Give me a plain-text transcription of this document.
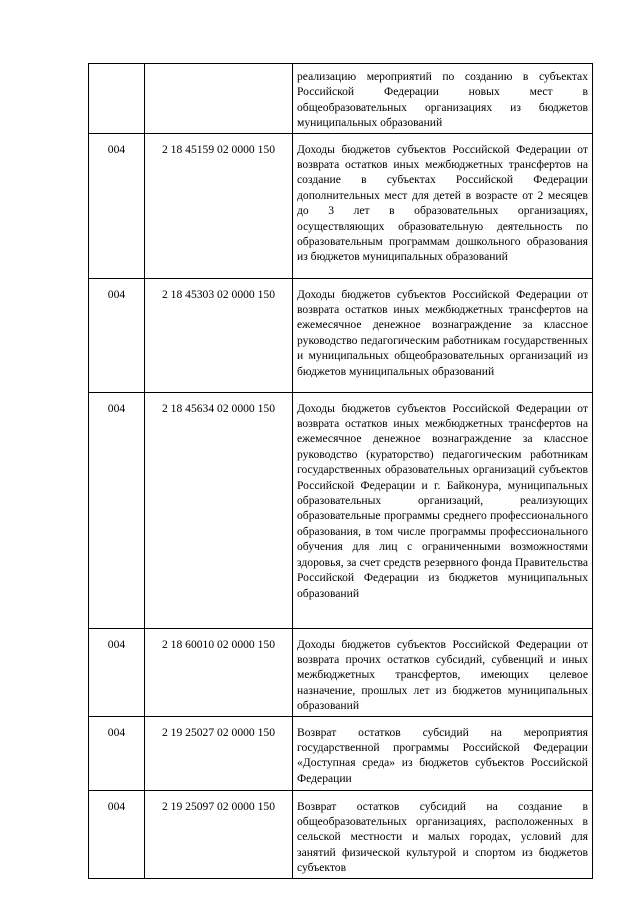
		реализацию мероприятий по созданию в субъектах Российской Федерации новых мест в общеобразовательных организациях из бюджетов муниципальных образований
004	2 18 45159 02 0000 150	Доходы бюджетов субъектов Российской Федерации от возврата остатков иных межбюджетных трансфертов на создание в субъектах Российской Федерации дополнительных мест для детей в возрасте от 2 месяцев до 3 лет в образовательных организациях, осуществляющих образовательную деятельность по образовательным программам дошкольного образования из бюджетов муниципальных образований
004	2 18 45303 02 0000 150	Доходы бюджетов субъектов Российской Федерации от возврата остатков иных межбюджетных трансфертов на ежемесячное денежное вознаграждение за классное руководство педагогическим работникам государственных и муниципальных общеобразовательных организаций из бюджетов муниципальных образований
004	2 18 45634 02 0000 150	Доходы бюджетов субъектов Российской Федерации от возврата остатков иных межбюджетных трансфертов на ежемесячное денежное вознаграждение за классное руководство (кураторство) педагогическим работникам государственных образовательных организаций субъектов Российской Федерации и г. Байконура, муниципальных образовательных организаций, реализующих образовательные программы среднего профессионального образования, в том числе программы профессионального обучения для лиц с ограниченными возможностями здоровья, за счет средств резервного фонда Правительства Российской Федерации из бюджетов муниципальных образований
004	2 18 60010 02 0000 150	Доходы бюджетов субъектов Российской Федерации от возврата прочих остатков субсидий, субвенций и иных межбюджетных трансфертов, имеющих целевое назначение, прошлых лет из бюджетов муниципальных образований
004	2 19 25027 02 0000 150	Возврат остатков субсидий на мероприятия государственной программы Российской Федерации «Доступная среда» из бюджетов субъектов Российской Федерации
004	2 19 25097 02 0000 150	Возврат остатков субсидий на создание в общеобразовательных организациях, расположенных в сельской местности и малых городах, условий для занятий физической культурой и спортом из бюджетов субъектов
